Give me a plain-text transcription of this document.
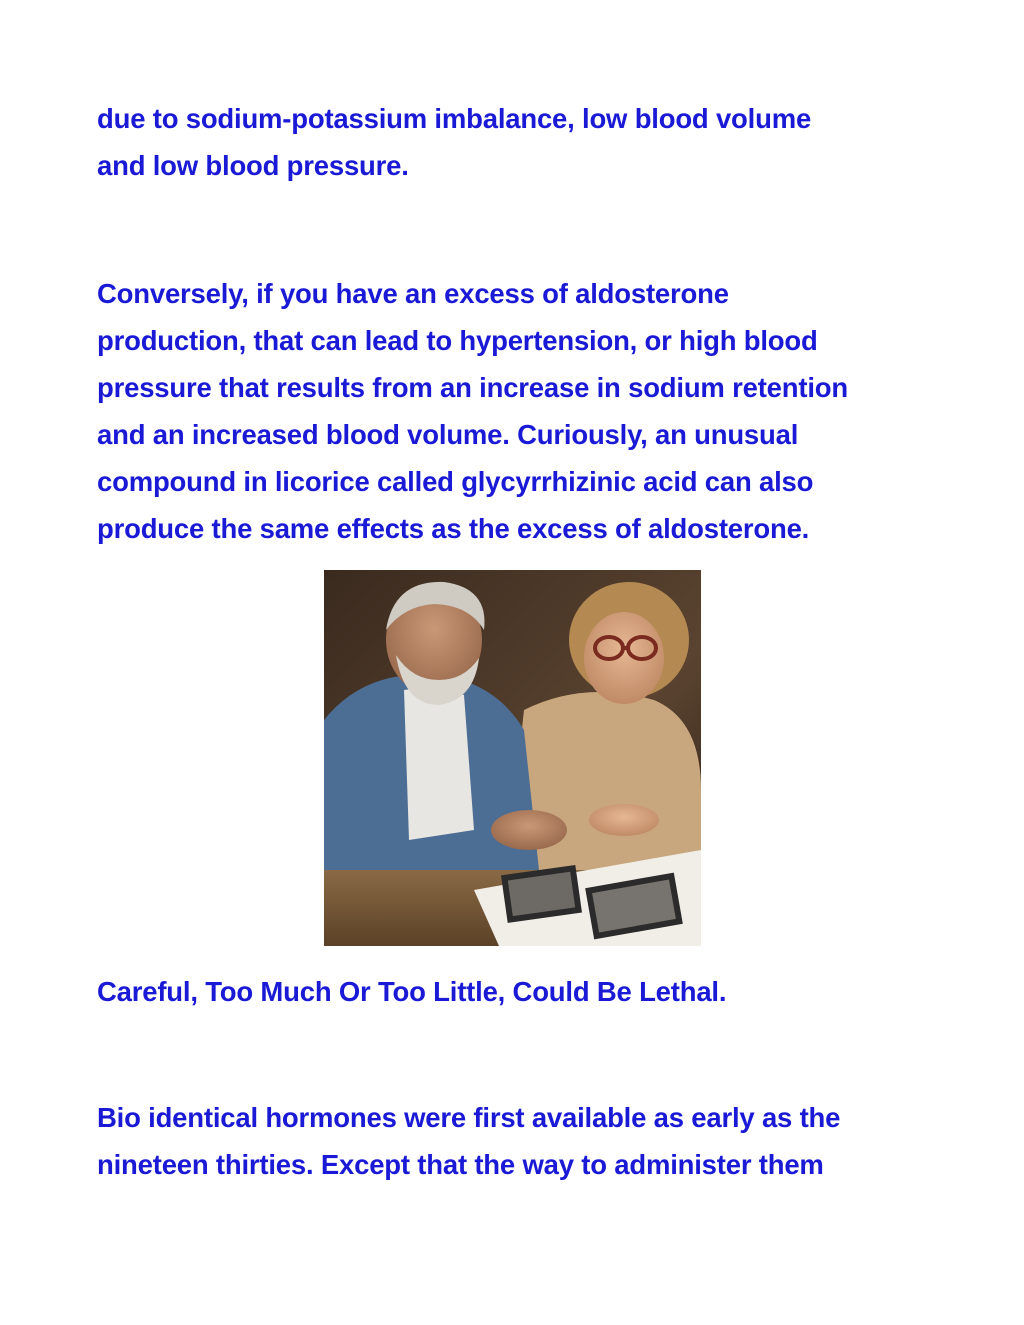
due to sodium-potassium imbalance, low blood volume
and low blood pressure.

Conversely, if you have an excess of aldosterone
production, that can lead to hypertension, or high blood
pressure that results from an increase in sodium retention
and an increased blood volume. Curiously, an unusual
compound in licorice called glycyrrhizinic acid can also
produce the same effects as the excess of aldosterone.

Careful, Too Much Or Too Little, Could Be Lethal.

Bio identical hormones were first available as early as the
nineteen thirties. Except that the way to administer them
